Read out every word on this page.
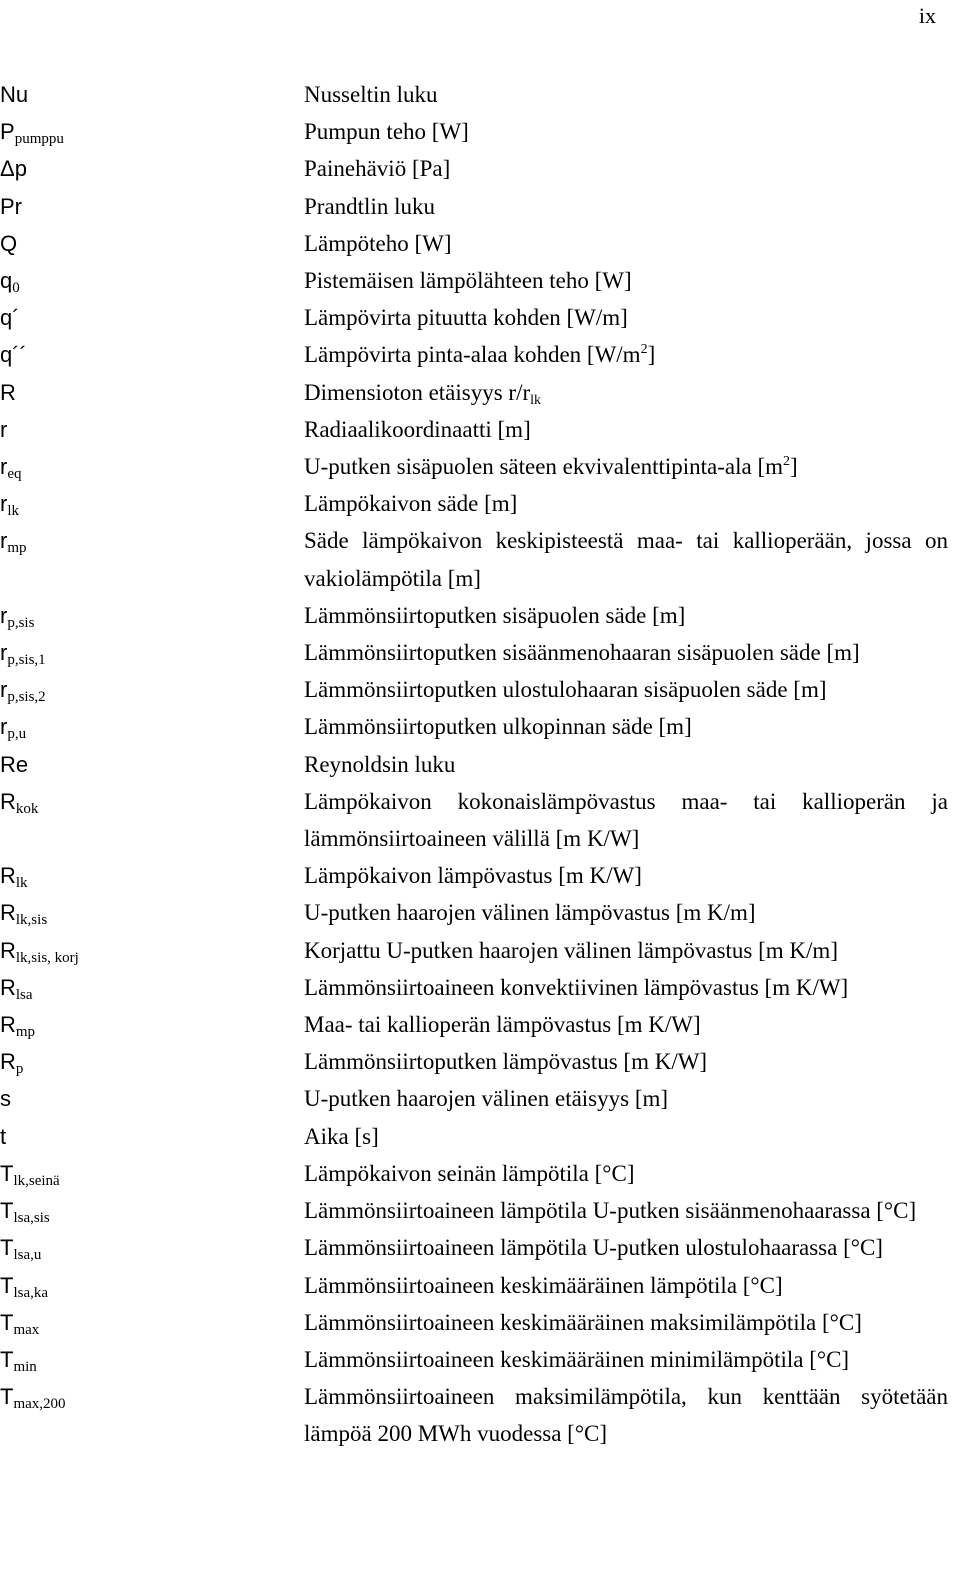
ix
Nu	Nusseltin luku
$P_{pumppu}$	Pumpun teho [W]
Δp	Painehäviö [Pa]
Pr	Prandtlin luku
Q	Lämpöteho [W]
$q_0$	Pistemäisen lämpölähteen teho [W]
q´	Lämpövirta pituutta kohden [W/m]
q´´	Lämpövirta pinta-alaa kohden $[W/m^2]$
R	Dimensioton etäisyys $r/r_{lk}$
r	Radiaalikoordinaatti [m]
$r_{eq}$	U-putken sisäpuolen säteen ekvivalenttipinta-ala $[m^2]$
$r_{lk}$	Lämpökaivon säde [m]
$r_{mp}$	Säde lämpökaivon keskipisteestä maa- tai kallioperään, jossa on vakiolämpötila [m]
$r_{p,sis}$	Lämmönsiirtoputken sisäpuolen säde [m]
$r_{p,sis,1}$	Lämmönsiirtoputken sisäänmenohaaran sisäpuolen säde [m]
$r_{p,sis,2}$	Lämmönsiirtoputken ulostulohaaran sisäpuolen säde [m]
$r_{p,u}$	Lämmönsiirtoputken ulkopinnan säde [m]
Re	Reynoldsin luku
$R_{kok}$	Lämpökaivon kokonaislämpövastus maa- tai kallioperän ja lämmönsiirtoaineen välillä [m K/W]
$R_{lk}$	Lämpökaivon lämpövastus [m K/W]
$R_{lk,sis}$	U-putken haarojen välinen lämpövastus [m K/m]
$R_{lk,sis, korj}$	Korjattu U-putken haarojen välinen lämpövastus [m K/m]
$R_{lsa}$	Lämmönsiirtoaineen konvektiivinen lämpövastus [m K/W]
$R_{mp}$	Maa- tai kallioperän lämpövastus [m K/W]
$R_p$	Lämmönsiirtoputken lämpövastus [m K/W]
s	U-putken haarojen välinen etäisyys [m]
t	Aika [s]
$T_{lk,seinä}$	Lämpökaivon seinän lämpötila [°C]
$T_{lsa,sis}$	Lämmönsiirtoaineen lämpötila U-putken sisäänmenohaarassa [°C]
$T_{lsa,u}$	Lämmönsiirtoaineen lämpötila U-putken ulostulohaarassa [°C]
$T_{lsa,ka}$	Lämmönsiirtoaineen keskimääräinen lämpötila [°C]
$T_{max}$	Lämmönsiirtoaineen keskimääräinen maksimilämpötila [°C]
$T_{min}$	Lämmönsiirtoaineen keskimääräinen minimilämpötila [°C]
$T_{max,200}$	Lämmönsiirtoaineen maksimilämpötila, kun kenttään syötetään lämpöä 200 MWh vuodessa [°C]
